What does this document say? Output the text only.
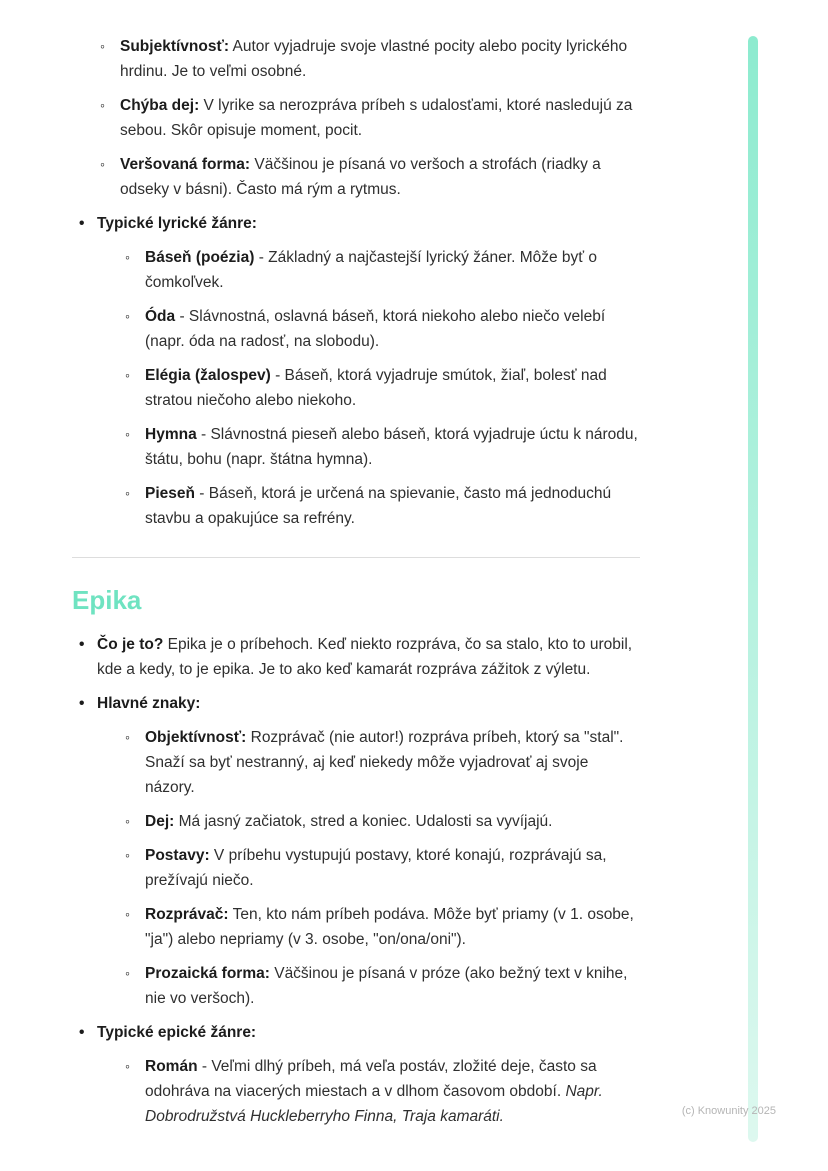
◦ Subjektívnosť: Autor vyjadruje svoje vlastné pocity alebo pocity lyrického hrdinu. Je to veľmi osobné.
◦ Chýba dej: V lyrike sa nerozpráva príbeh s udalosťami, ktoré nasledujú za sebou. Skôr opisuje moment, pocit.
◦ Veršovaná forma: Väčšinou je písaná vo veršoch a strofách (riadky a odseky v básni). Často má rým a rytmus.
• Typické lyrické žánre:
◦ Báseň (poézia) - Základný a najčastejší lyrický žáner. Môže byť o čomkoľvek.
◦ Óda - Slávnostná, oslavná báseň, ktorá niekoho alebo niečo velebí (napr. óda na radosť, na slobodu).
◦ Elégia (žalospev) - Báseň, ktorá vyjadruje smútok, žiaľ, bolesť nad stratou niečoho alebo niekoho.
◦ Hymna - Slávnostná pieseň alebo báseň, ktorá vyjadruje úctu k národu, štátu, bohu (napr. štátna hymna).
◦ Pieseň - Báseň, ktorá je určená na spievanie, často má jednoduchú stavbu a opakujúce sa refrény.
Epika
• Čo je to? Epika je o príbehoch. Keď niekto rozpráva, čo sa stalo, kto to urobil, kde a kedy, to je epika. Je to ako keď kamarát rozpráva zážitok z výletu.
• Hlavné znaky:
◦ Objektívnosť: Rozprávač (nie autor!) rozpráva príbeh, ktorý sa "stal". Snaží sa byť nestranný, aj keď niekedy môže vyjadrovať aj svoje názory.
◦ Dej: Má jasný začiatok, stred a koniec. Udalosti sa vyvíjajú.
◦ Postavy: V príbehu vystupujú postavy, ktoré konajú, rozprávajú sa, prežívajú niečo.
◦ Rozprávač: Ten, kto nám príbeh podáva. Môže byť priamy (v 1. osobe, "ja") alebo nepriamy (v 3. osobe, "on/ona/oni").
◦ Prozaická forma: Väčšinou je písaná v próze (ako bežný text v knihe, nie vo veršoch).
• Typické epické žánre:
◦ Román - Veľmi dlhý príbeh, má veľa postáv, zložité deje, často sa odohráva na viacerých miestach a v dlhom časovom období. Napr. Dobrodružstvá Huckleberryho Finna, Traja kamaráti.	(c) Knowunity 2025
